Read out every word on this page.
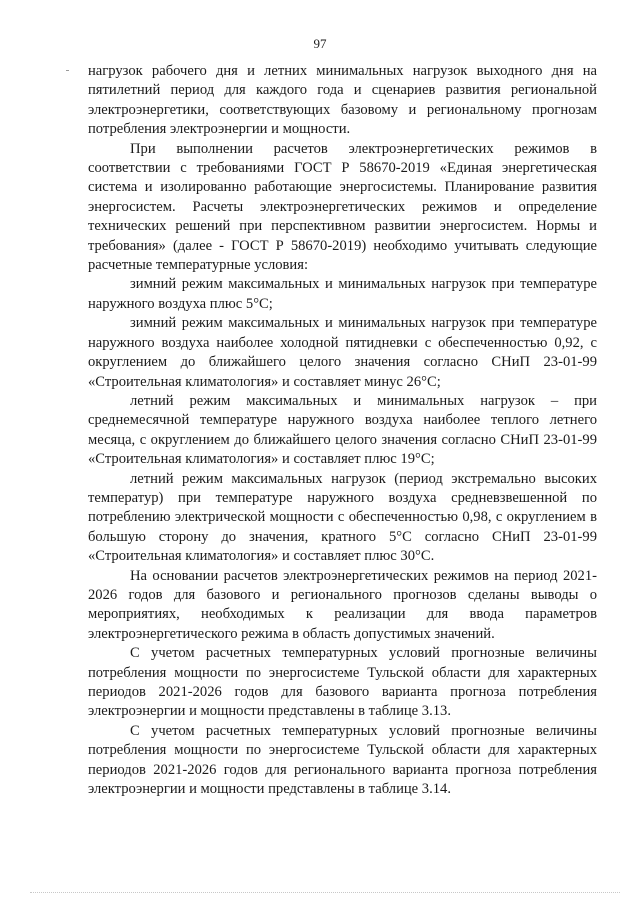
97

нагрузок рабочего дня и летних минимальных нагрузок выходного дня на пятилетний период для каждого года и сценариев развития региональной электроэнергетики, соответствующих базовому и региональному прогнозам потребления электроэнергии и мощности.

При выполнении расчетов электроэнергетических режимов в соответствии с требованиями ГОСТ Р 58670-2019 «Единая энергетическая система и изолированно работающие энергосистемы. Планирование развития энергосистем. Расчеты электроэнергетических режимов и определение технических решений при перспективном развитии энергосистем. Нормы и требования» (далее - ГОСТ Р 58670-2019) необходимо учитывать следующие расчетные температурные условия:

зимний режим максимальных и минимальных нагрузок при температуре наружного воздуха плюс 5°С;

зимний режим максимальных и минимальных нагрузок при температуре наружного воздуха наиболее холодной пятидневки с обеспеченностью 0,92, с округлением до ближайшего целого значения согласно СНиП 23-01-99 «Строительная климатология» и составляет минус 26°С;

летний режим максимальных и минимальных нагрузок – при среднемесячной температуре наружного воздуха наиболее теплого летнего месяца, с округлением до ближайшего целого значения согласно СНиП 23-01-99 «Строительная климатология» и составляет плюс 19°С;

летний режим максимальных нагрузок (период экстремально высоких температур) при температуре наружного воздуха средневзвешенной по потреблению электрической мощности с обеспеченностью 0,98, с округлением в большую сторону до значения, кратного 5°С согласно СНиП 23-01-99 «Строительная климатология» и составляет плюс 30°С.

На основании расчетов электроэнергетических режимов на период 2021-2026 годов для базового и регионального прогнозов сделаны выводы о мероприятиях, необходимых к реализации для ввода параметров электроэнергетического режима в область допустимых значений.

С учетом расчетных температурных условий прогнозные величины потребления мощности по энергосистеме Тульской области для характерных периодов 2021-2026 годов для базового варианта прогноза потребления электроэнергии и мощности представлены в таблице 3.13.

С учетом расчетных температурных условий прогнозные величины потребления мощности по энергосистеме Тульской области для характерных периодов 2021-2026 годов для регионального варианта прогноза потребления электроэнергии и мощности представлены в таблице 3.14.
